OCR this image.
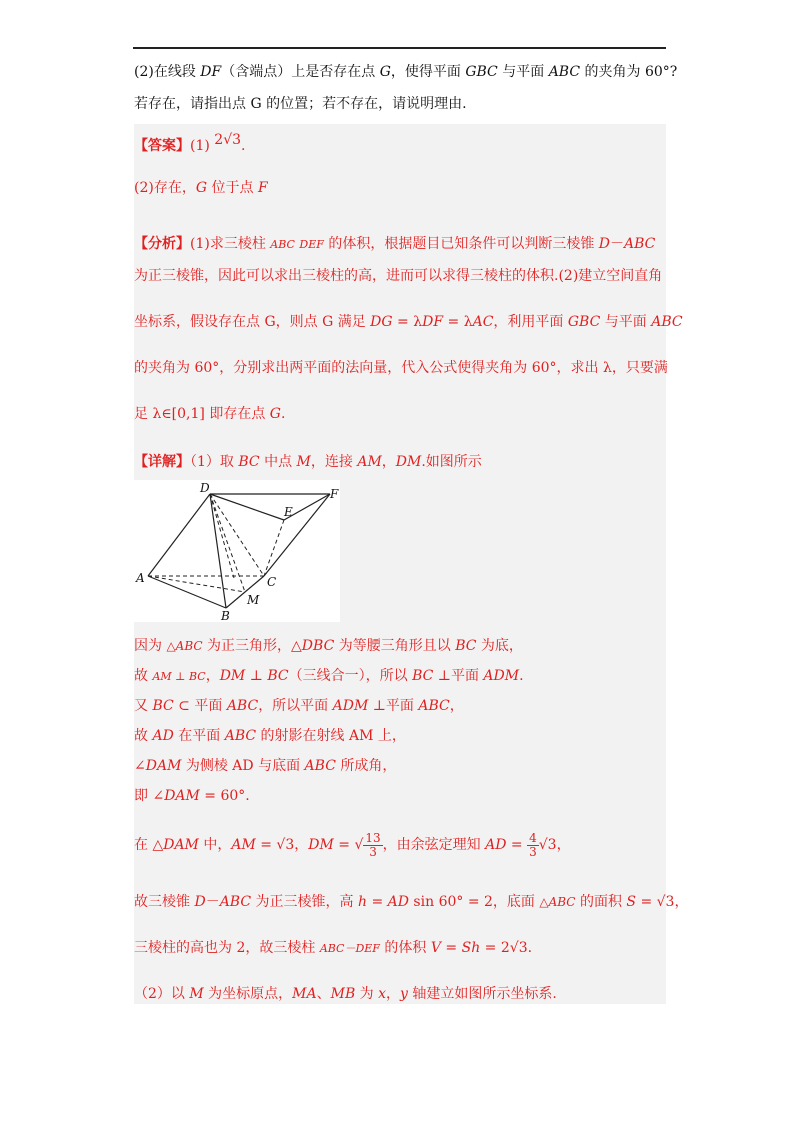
(2)在线段 DF（含端点）上是否存在点 G，使得平面 GBC 与平面 ABC 的夹角为 60°?
若存在，请指出点 G 的位置；若不存在，请说明理由.
【答案】(1) 2√3.
(2)存在，G 位于点 F
【分析】(1)求三棱柱 ABC DEF 的体积，根据题目已知条件可以判断三棱锥 D－ABC
为正三棱锥，因此可以求出三棱柱的高，进而可以求得三棱柱的体积.(2)建立空间直角
坐标系，假设存在点 G，则点 G 满足 DG = λDF = λAC，利用平面 GBC 与平面 ABC
的夹角为 60°，分别求出两平面的法向量，代入公式使得夹角为 60°，求出 λ，只要满
足 λ∈[0,1] 即存在点 G.
【详解】（1）取 BC 中点 M，连接 AM，DM.如图所示
D
E
F
A	C
M
B
因为 △ABC 为正三角形，△DBC 为等腰三角形且以 BC 为底，
故 AM ⊥ BC，DM ⊥ BC（三线合一），所以 BC ⊥平面 ADM.
又 BC ⊂ 平面 ABC，所以平面 ADM ⊥平面 ABC，
故 AD 在平面 ABC 的射影在射线 AM 上，
∠DAM 为侧棱 AD 与底面 ABC 所成角，
即 ∠DAM = 60°.
在 △DAM 中，AM = √3，DM = √ $\frac{13}{3}$ ，由余弦定理知 AD = $\frac{4}{3} √3$，
故三棱锥 D－ABC 为正三棱锥，高 h = AD sin 60° = 2，底面 △ABC 的面积 S = √3，
三棱柱的高也为 2，故三棱柱 ABC－DEF 的体积 V = Sh = 2√3.
（2）以 M 为坐标原点，MA、MB 为 x，y 轴建立如图所示坐标系.
